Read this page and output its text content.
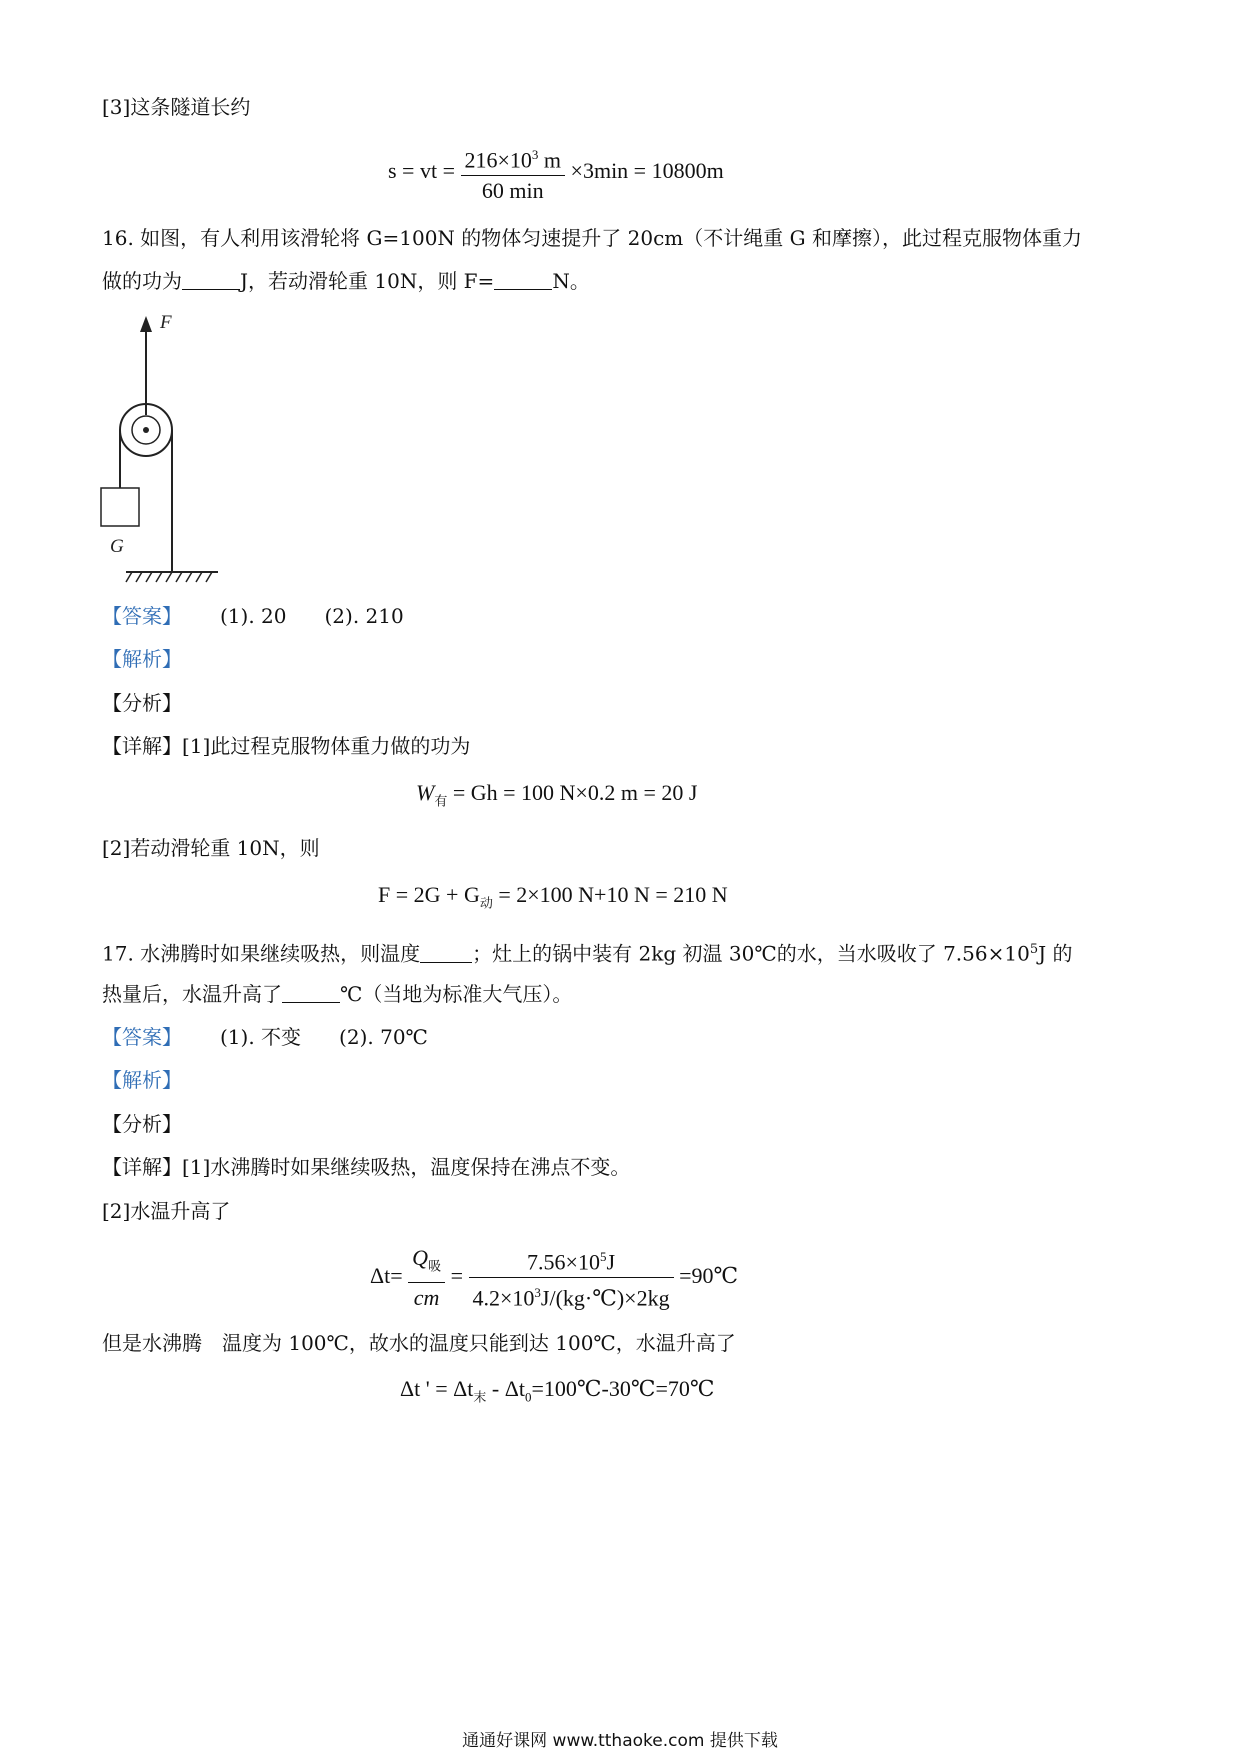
[3]这条隧道长约
s = vt = $\frac{216\times 10^3 m}{60 \min} \times 3\min = 10800m$
16. 如图，有人利用该滑轮将 G=100N 的物体匀速提升了 20cm（不计绳重 G 和摩擦），此过程克服物体重力
做的功为	J，若动滑轮重 10N，则 F=	N。
F
G
【答案】 (1). 20 (2). 210
【解析】
【分析】
【详解】[1]此过程克服物体重力做的功为
$W_有 = Gh = 100$ N×0.2 m = 20 J
[2]若动滑轮重 10N，则
$F = 2G + G_动 = 2\times 100$ N+10 N = 210 N
17. 水沸腾时如果继续吸热，则温度	；灶上的锅中装有 2kg 初温 30℃的水，当水吸收了 $7.56\times 10^5J$ 的
热量后，水温升高了	℃（当地为标准大气压）。
【答案】 (1). 不变 (2). 70℃
【解析】
【分析】
【详解】[1]水沸腾时如果继续吸热，温度保持在沸点不变。
[2]水温升高了
$\Delta t= \frac{Q_吸}{cm} = \frac{7.56\times 10^5J}{4.2\times 10^3J/(kg\cdot℃)\times 2kg}$ =90℃
但是水沸腾　温度为 100℃，故水的温度只能到达 100℃，水温升高了
Δt ' = $\Delta t_末$ - $\Delta t_0=100℃-30℃=70℃$
通通好课网 www.tthaoke.com 提供下载
